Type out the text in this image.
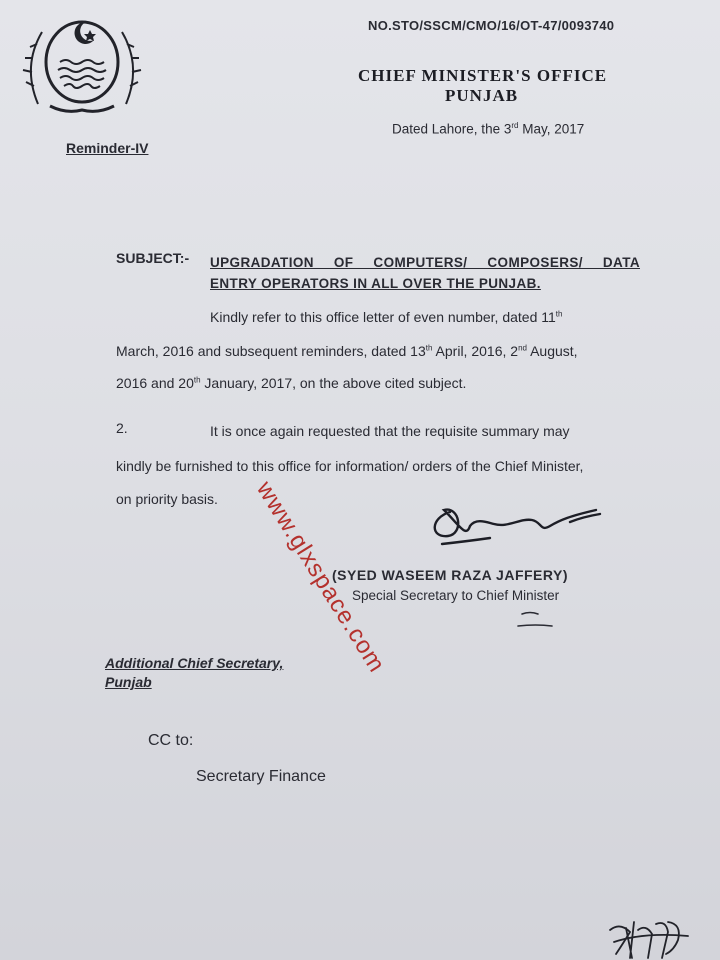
NO.STO/SSCM/CMO/16/OT-47/0093740
CHIEF MINISTER'S OFFICE
PUNJAB
Dated Lahore, the 3rd May, 2017
Reminder-IV
SUBJECT:- UPGRADATION OF COMPUTERS/ COMPOSERS/ DATA
ENTRY OPERATORS IN ALL OVER THE PUNJAB.
Kindly refer to this office letter of even number, dated 11th
March, 2016 and subsequent reminders, dated 13th April, 2016, 2nd August,
2016 and 20th January, 2017, on the above cited subject.
2.	It is once again requested that the requisite summary may
kindly be furnished to this office for information/ orders of the Chief Minister,
on priority basis.
(SYED WASEEM RAZA JAFFERY)
Special Secretary to Chief Minister
Additional Chief Secretary,
Punjab
CC to:
Secretary Finance
www.glxspace.com
